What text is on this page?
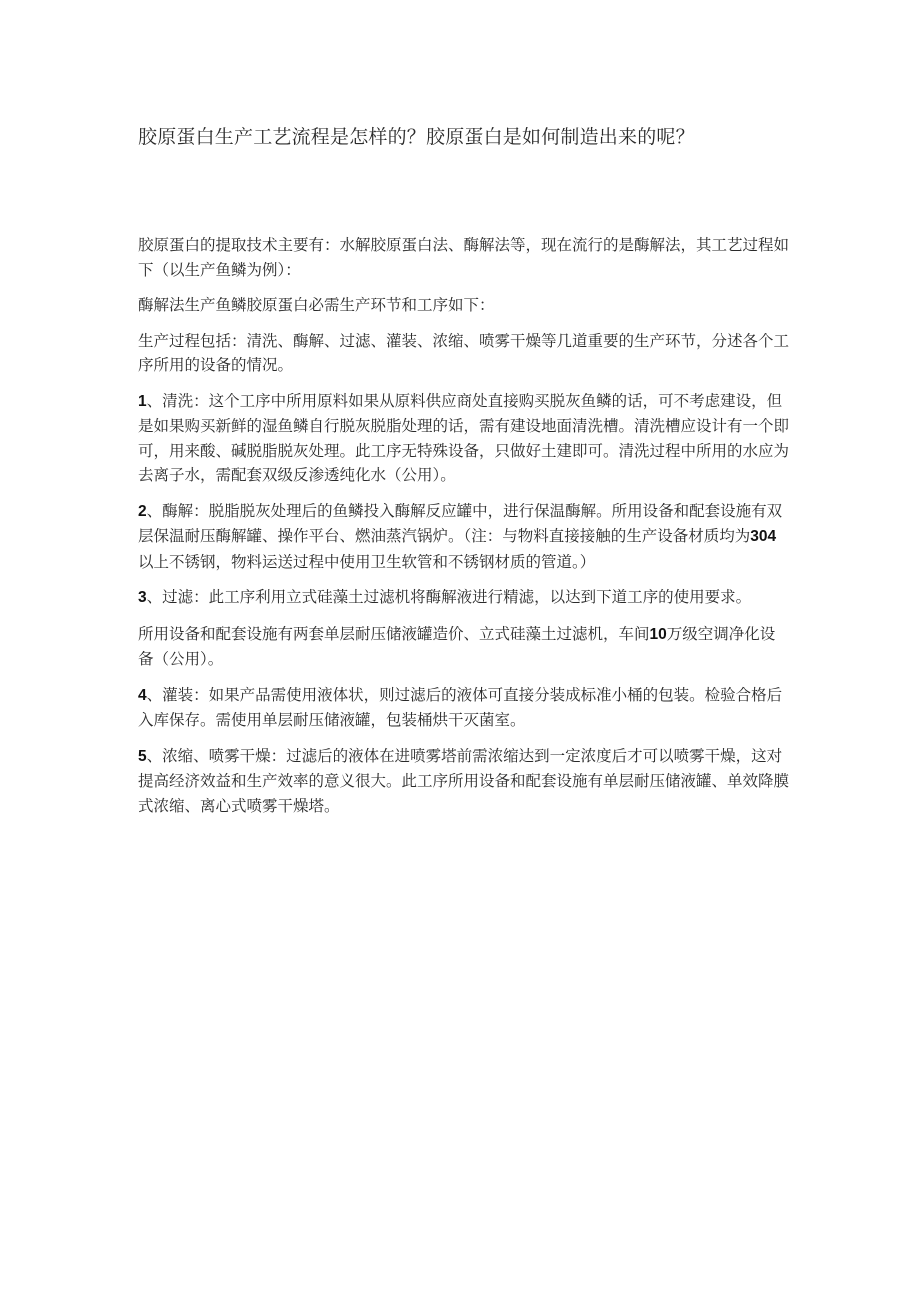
胶原蛋白生产工艺流程是怎样的？胶原蛋白是如何制造出来的呢？

胶原蛋白的提取技术主要有：水解胶原蛋白法、酶解法等，现在流行的是酶解法，其工艺过程如下（以生产鱼鳞为例）：

酶解法生产鱼鳞胶原蛋白必需生产环节和工序如下：

生产过程包括：清洗、酶解、过滤、灌装、浓缩、喷雾干燥等几道重要的生产环节，分述各个工序所用的设备的情况。

1、清洗：这个工序中所用原料如果从原料供应商处直接购买脱灰鱼鳞的话，可不考虑建设，但是如果购买新鲜的湿鱼鳞自行脱灰脱脂处理的话，需有建设地面清洗槽。清洗槽应设计有一个即可，用来酸、碱脱脂脱灰处理。此工序无特殊设备，只做好土建即可。清洗过程中所用的水应为去离子水，需配套双级反渗透纯化水（公用）。

2、酶解：脱脂脱灰处理后的鱼鳞投入酶解反应罐中，进行保温酶解。所用设备和配套设施有双层保温耐压酶解罐、操作平台、燃油蒸汽锅炉。（注：与物料直接接触的生产设备材质均为304以上不锈钢，物料运送过程中使用卫生软管和不锈钢材质的管道。）

3、过滤：此工序利用立式硅藻土过滤机将酶解液进行精滤，以达到下道工序的使用要求。

所用设备和配套设施有两套单层耐压储液罐造价、立式硅藻土过滤机，车间10万级空调净化设备（公用）。

4、灌装：如果产品需使用液体状，则过滤后的液体可直接分装成标准小桶的包装。检验合格后入库保存。需使用单层耐压储液罐，包装桶烘干灭菌室。

5、浓缩、喷雾干燥：过滤后的液体在进喷雾塔前需浓缩达到一定浓度后才可以喷雾干燥，这对提高经济效益和生产效率的意义很大。此工序所用设备和配套设施有单层耐压储液罐、单效降膜式浓缩、离心式喷雾干燥塔。
